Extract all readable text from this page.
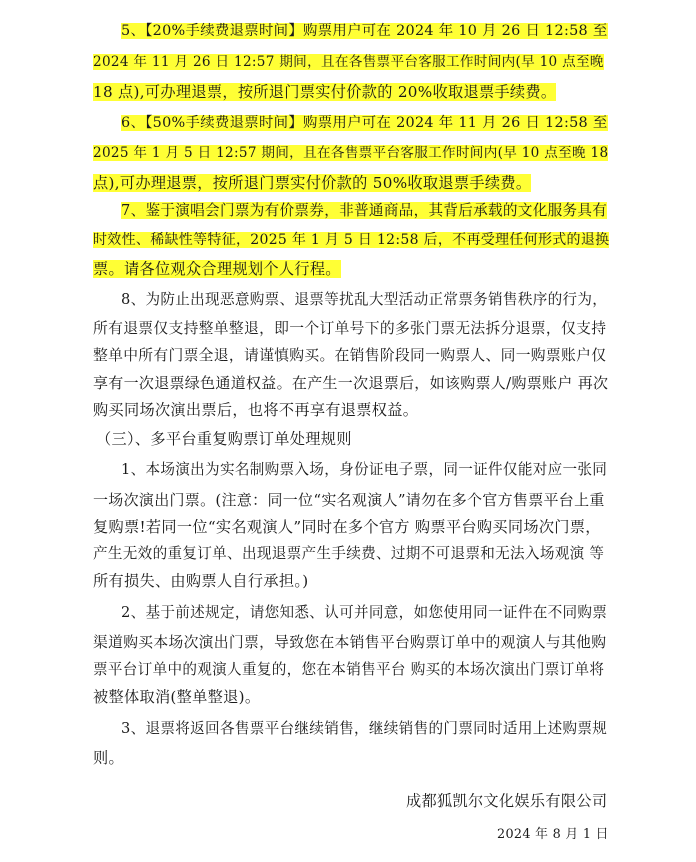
5、【20%手续费退票时间】购票用户可在 2024 年 10 月 26 日 12:58 至
2024 年 11 月 26 日 12:57 期间，且在各售票平台客服工作时间内(早 10 点至晚
18 点),可办理退票，按所退门票实付价款的 20%收取退票手续费。
6、【50%手续费退票时间】购票用户可在 2024 年 11 月 26 日 12:58 至
2025 年 1 月 5 日 12:57 期间，且在各售票平台客服工作时间内(早 10 点至晚 18
点),可办理退票，按所退门票实付价款的 50%收取退票手续费。
7、鉴于演唱会门票为有价票券，非普通商品，其背后承载的文化服务具有
时效性、稀缺性等特征，2025 年 1 月 5 日 12:58 后，不再受理任何形式的退换
票。请各位观众合理规划个人行程。
8、为防止出现恶意购票、退票等扰乱大型活动正常票务销售秩序的行为，
所有退票仅支持整单整退，即一个订单号下的多张门票无法拆分退票，仅支持
整单中所有门票全退，请谨慎购买。在销售阶段同一购票人、同一购票账户仅
享有一次退票绿色通道权益。在产生一次退票后，如该购票人/购票账户 再次
购买同场次演出票后，也将不再享有退票权益。
（三）、多平台重复购票订单处理规则
1、本场演出为实名制购票入场，身份证电子票，同一证件仅能对应一张同
一场次演出门票。(注意：同一位“实名观演人”请勿在多个官方售票平台上重
复购票!若同一位“实名观演人”同时在多个官方 购票平台购买同场次门票，
产生无效的重复订单、出现退票产生手续费、过期不可退票和无法入场观演 等
所有损失、由购票人自行承担。)
2、基于前述规定，请您知悉、认可并同意，如您使用同一证件在不同购票
渠道购买本场次演出门票，导致您在本销售平台购票订单中的观演人与其他购
票平台订单中的观演人重复的，您在本销售平台 购买的本场次演出门票订单将
被整体取消(整单整退)。
3、退票将返回各售票平台继续销售，继续销售的门票同时适用上述购票规
则。
成都狐凯尔文化娱乐有限公司
2024 年 8 月 1 日
